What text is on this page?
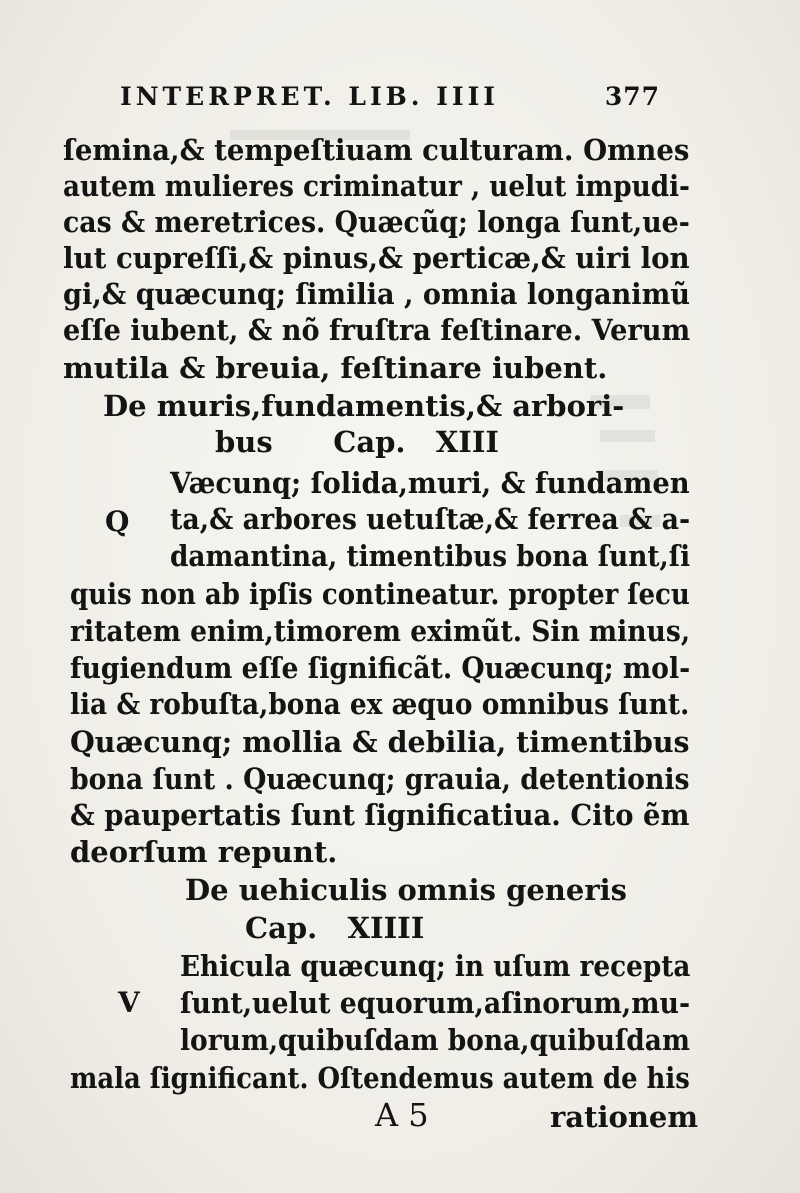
INTERPRET. LIB. IIII	377
ſemina,& tempeſtiuam culturam. Omnes
autem mulieres criminatur , uelut impudi-
cas & meretrices. Quæcũq; longa ſunt,ue-
lut cupreſſi,& pinus,& perticæ,& uiri lon
gi,& quæcunq; ſimilia , omnia longanimũ
eſſe iubent, & nõ fruſtra feſtinare. Verum
mutila & breuia, feſtinare iubent.
De muris,fundamentis,& arbori-
bus      Cap.   XIII
Q
Væcunq; ſolida,muri, & fundamen
ta,& arbores uetuſtæ,& ferrea & a-
damantina, timentibus bona ſunt,ſi
quis non ab ipſis contineatur. propter ſecu
ritatem enim,timorem eximũt. Sin minus,
fugiendum eſſe ſignificãt. Quæcunq; mol-
lia & robuſta,bona ex æquo omnibus ſunt.
Quæcunq; mollia & debilia, timentibus
bona ſunt . Quæcunq; grauia, detentionis
& paupertatis ſunt ſignificatiua. Cito ẽm
deorſum repunt.
De uehiculis omnis generis
Cap.   XIIII
V
Ehicula quæcunq; in uſum recepta
ſunt,uelut equorum,aſinorum,mu-
lorum,quibuſdam bona,quibuſdam
mala ſignificant. Oſtendemus autem de his
A 5	rationem
